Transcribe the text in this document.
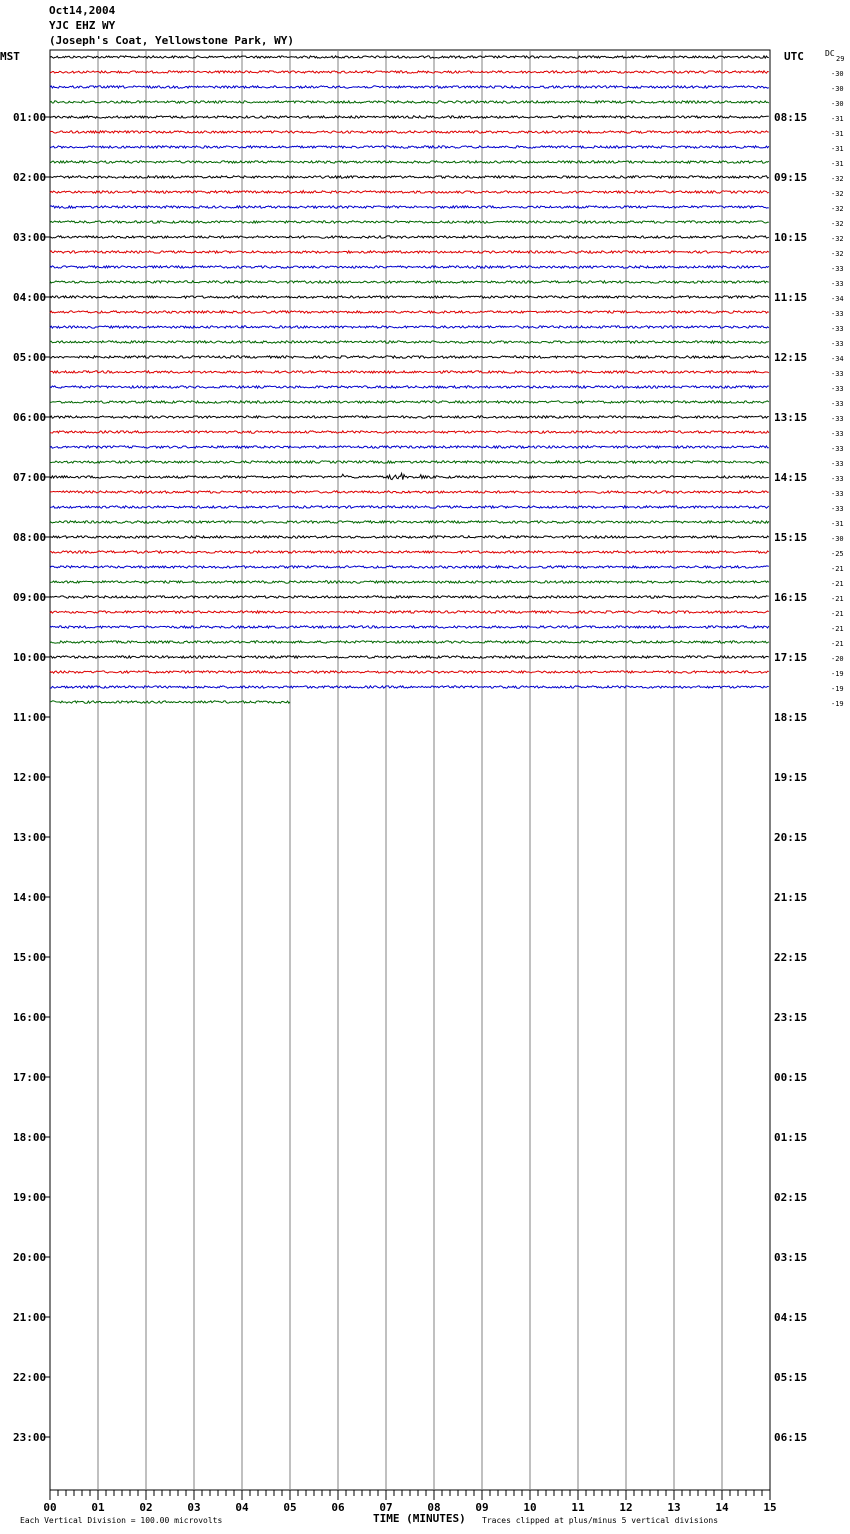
Oct14,2004
YJC EHZ WY
(Joseph's Coat, Yellowstone Park, WY)
MST	UTC
01:00
02:00
03:00
04:00
05:00
06:00
07:00
08:00
09:00
10:00
11:00
12:00
13:00
14:00
15:00
16:00
17:00
18:00
19:00
20:00
21:00
22:00
23:00
08:15
09:15
10:15
11:15
12:15
13:15
14:15
15:15
16:15
17:15
18:15
19:15
20:15
21:15
22:15
23:15
00:15
01:15
02:15
03:15
04:15
05:15
06:15
29
-30
-30
-30
-31
-31
-31
-31
-32
-32
-32
-32
-32
-32
-33
-33
-34
-33
-33
-33
-34
-33
-33
-33
-33
-33
-33
-33
-33
-33
-33
-31
-30
-25
-21
-21
-21
-21
-21
-21
-20
-19
-19
-19
00	01	02	03	04	05	06	07	08	09	10	11	12	13	14	15
DC
TIME (MINUTES)
Each Vertical Division = 100.00 microvolts	Traces clipped at plus/minus 5 vertical divisions
